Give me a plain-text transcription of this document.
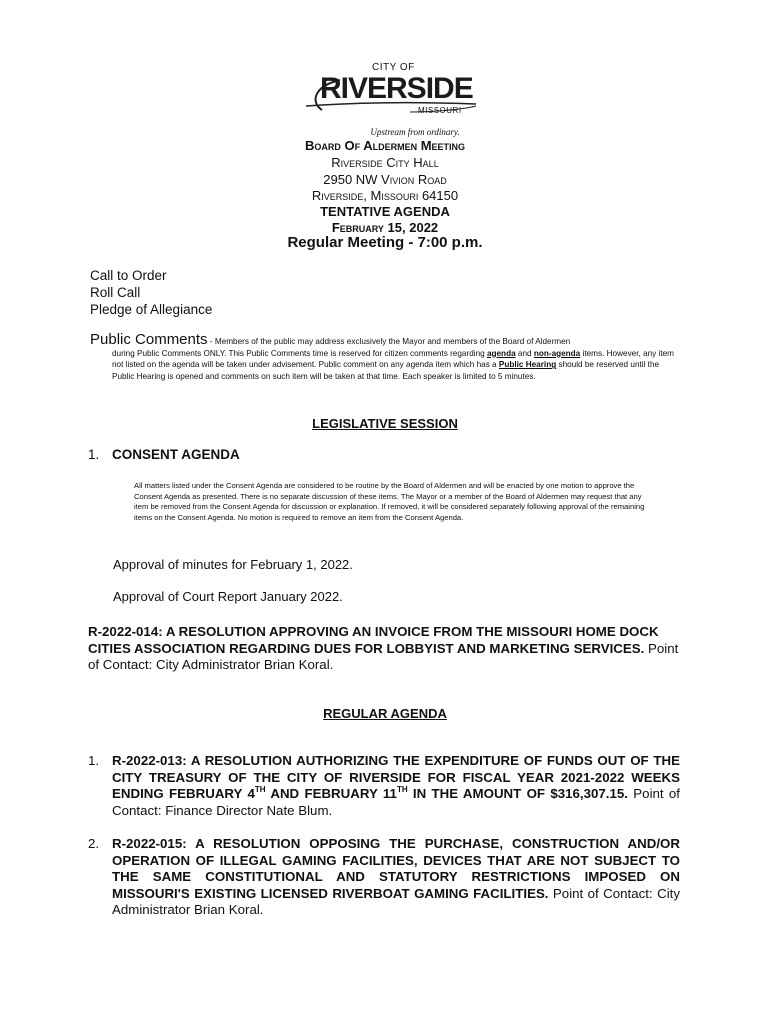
CITY OF
RIVERSIDE
MISSOURI
Upstream from ordinary.
Board Of Aldermen Meeting
Riverside City Hall
2950 NW Vivion Road
Riverside, Missouri 64150
TENTATIVE AGENDA
February 15, 2022
Regular Meeting - 7:00 p.m.
Call to Order
Roll Call
Pledge of Allegiance
Public Comments - Members of the public may address exclusively the Mayor and members of the Board of Aldermen
during Public Comments ONLY. This Public Comments time is reserved for citizen comments regarding agenda and non-agenda items. However, any item not listed on the agenda will be taken under advisement. Public comment on any agenda item which has a Public Hearing should be reserved until the Public Hearing is opened and comments on such item will be taken at that time. Each speaker is limited to 5 minutes.
LEGISLATIVE SESSION
1. CONSENT AGENDA
All matters listed under the Consent Agenda are considered to be routine by the Board of Aldermen and will be enacted by one motion to approve the Consent Agenda as presented. There is no separate discussion of these items. The Mayor or a member of the Board of Aldermen may request that any item be removed from the Consent Agenda for discussion or explanation. If removed, it will be considered separately following approval of the remaining items on the Consent Agenda. No motion is required to remove an item from the Consent Agenda.
Approval of minutes for February 1, 2022.
Approval of Court Report January 2022.
R-2022-014: A RESOLUTION APPROVING AN INVOICE FROM THE MISSOURI HOME DOCK CITIES ASSOCIATION REGARDING DUES FOR LOBBYIST AND MARKETING SERVICES. Point of Contact: City Administrator Brian Koral.
REGULAR AGENDA
1. R-2022-013: A RESOLUTION AUTHORIZING THE EXPENDITURE OF FUNDS OUT OF THE CITY TREASURY OF THE CITY OF RIVERSIDE FOR FISCAL YEAR 2021-2022 WEEKS ENDING FEBRUARY 4TH AND FEBRUARY 11TH IN THE AMOUNT OF $316,307.15. Point of Contact: Finance Director Nate Blum.
2. R-2022-015: A RESOLUTION OPPOSING THE PURCHASE, CONSTRUCTION AND/OR OPERATION OF ILLEGAL GAMING FACILITIES, DEVICES THAT ARE NOT SUBJECT TO THE SAME CONSTITUTIONAL AND STATUTORY RESTRICTIONS IMPOSED ON MISSOURI'S EXISTING LICENSED RIVERBOAT GAMING FACILITIES. Point of Contact: City Administrator Brian Koral.
